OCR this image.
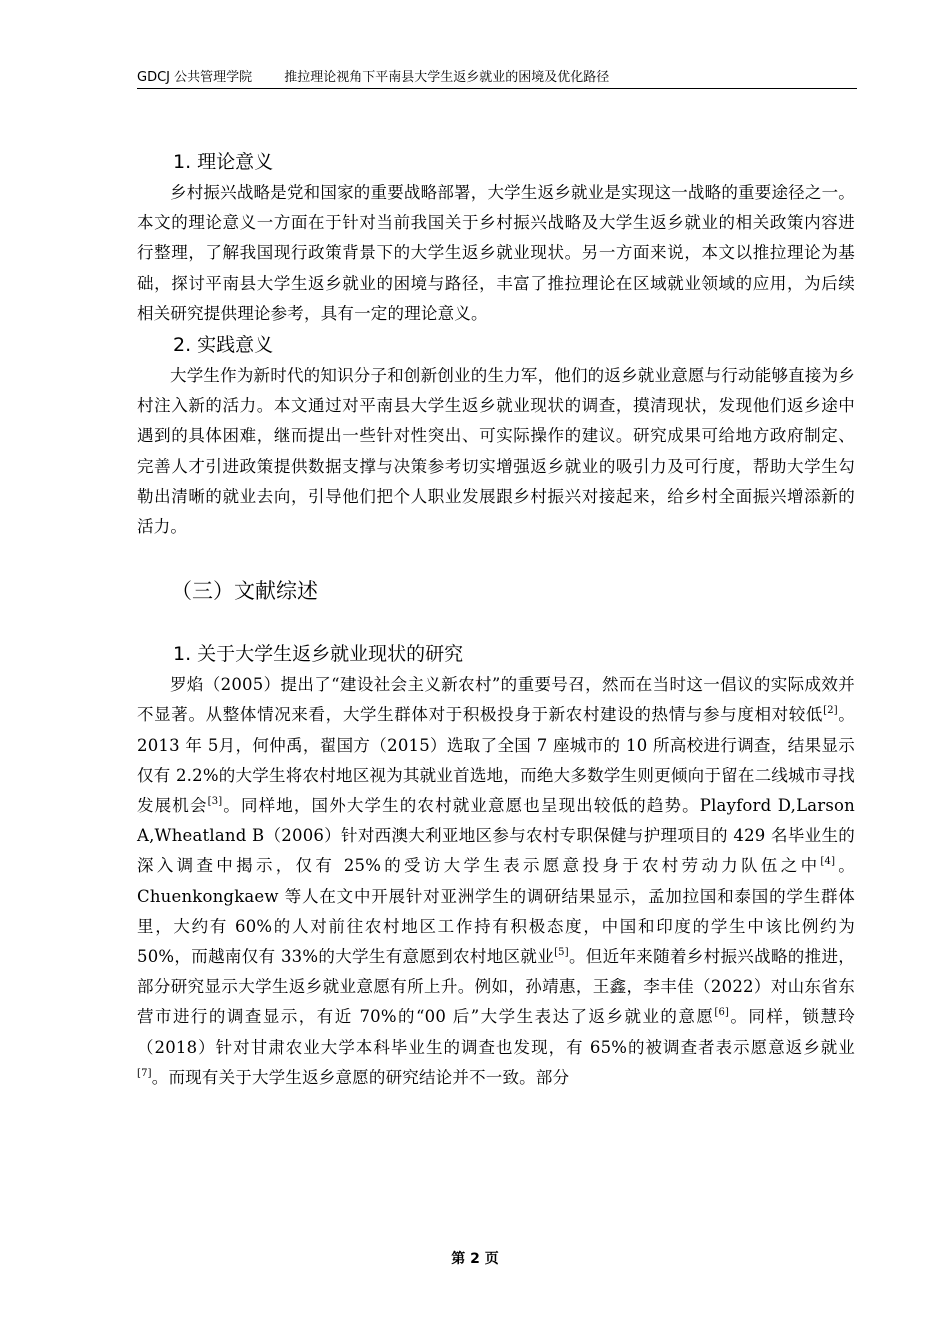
GDCJ 公共管理学院 推拉理论视角下平南县大学生返乡就业的困境及优化路径

1. 理论意义

乡村振兴战略是党和国家的重要战略部署，大学生返乡就业是实现这一战略的重要途径之一。本文的理论意义一方面在于针对当前我国关于乡村振兴战略及大学生返乡就业的相关政策内容进行整理，了解我国现行政策背景下的大学生返乡就业现状。另一方面来说，本文以推拉理论为基础，探讨平南县大学生返乡就业的困境与路径，丰富了推拉理论在区域就业领域的应用，为后续相关研究提供理论参考，具有一定的理论意义。

2. 实践意义

大学生作为新时代的知识分子和创新创业的生力军，他们的返乡就业意愿与行动能够直接为乡村注入新的活力。本文通过对平南县大学生返乡就业现状的调查，摸清现状，发现他们返乡途中遇到的具体困难，继而提出一些针对性突出、可实际操作的建议。研究成果可给地方政府制定、完善人才引进政策提供数据支撑与决策参考切实增强返乡就业的吸引力及可行度，帮助大学生勾勒出清晰的就业去向，引导他们把个人职业发展跟乡村振兴对接起来，给乡村全面振兴增添新的活力。

（三）文献综述

1. 关于大学生返乡就业现状的研究

罗焰（2005）提出了“建设社会主义新农村”的重要号召，然而在当时这一倡议的实际成效并不显著。从整体情况来看，大学生群体对于积极投身于新农村建设的热情与参与度相对较低[2]。2013 年 5月，何仲禹，翟国方（2015）选取了全国 7 座城市的 10 所高校进行调查，结果显示仅有 2.2%的大学生将农村地区视为其就业首选地，而绝大多数学生则更倾向于留在二线城市寻找发展机会[3]。同样地，国外大学生的农村就业意愿也呈现出较低的趋势。Playford D,Larson A,Wheatland B（2006）针对西澳大利亚地区参与农村专职保健与护理项目的 429 名毕业生的深入调查中揭示，仅有 25%的受访大学生表示愿意投身于农村劳动力队伍之中[4]。Chuenkongkaew 等人在文中开展针对亚洲学生的调研结果显示，孟加拉国和泰国的学生群体里，大约有 60%的人对前往农村地区工作持有积极态度，中国和印度的学生中该比例约为 50%，而越南仅有 33%的大学生有意愿到农村地区就业[5]。但近年来随着乡村振兴战略的推进，部分研究显示大学生返乡就业意愿有所上升。例如，孙靖惠，王鑫，李丰佳（2022）对山东省东营市进行的调查显示，有近 70%的“00 后”大学生表达了返乡就业的意愿[6]。同样，锁慧玲（2018）针对甘肃农业大学本科毕业生的调查也发现，有 65%的被调查者表示愿意返乡就业[7]。而现有关于大学生返乡意愿的研究结论并不一致。部分

第 2 页
